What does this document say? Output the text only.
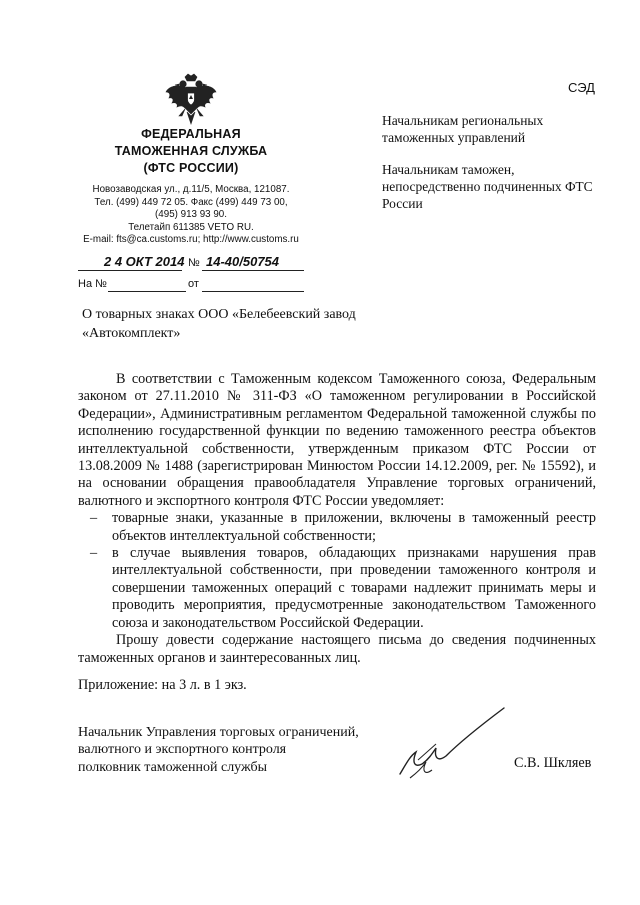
СЭД
ФЕДЕРАЛЬНАЯ
ТАМОЖЕННАЯ СЛУЖБА
(ФТС РОССИИ)
Новозаводская ул., д.11/5, Москва, 121087.
Тел. (499) 449 72 05. Факс (499) 449 73 00,
(495) 913 93 90.
Телетайп 611385 VETO RU.
E-mail: fts@ca.customs.ru; http://www.customs.ru
2 4 ОКТ 2014 № 14-40/50754
На №	от

Начальникам региональных таможенных управлений

Начальникам таможен, непосредственно подчиненных ФТС России

О товарных знаках ООО «Белебеевский завод «Автокомплект»

В соответствии с Таможенным кодексом Таможенного союза, Федеральным законом от 27.11.2010 № 311-ФЗ «О таможенном регулировании в Российской Федерации», Административным регламентом Федеральной таможенной службы по исполнению государственной функции по ведению таможенного реестра объектов интеллектуальной собственности, утвержденным приказом ФТС России от 13.08.2009 № 1488 (зарегистрирован Минюстом России 14.12.2009, рег. № 15592), и на основании обращения правообладателя Управление торговых ограничений, валютного и экспортного контроля ФТС России уведомляет:

– товарные знаки, указанные в приложении, включены в таможенный реестр объектов интеллектуальной собственности;

– в случае выявления товаров, обладающих признаками нарушения прав интеллектуальной собственности, при проведении таможенного контроля и совершении таможенных операций с товарами надлежит принимать меры и проводить мероприятия, предусмотренные законодательством Таможенного союза и законодательством Российской Федерации.

Прошу довести содержание настоящего письма до сведения подчиненных таможенных органов и заинтересованных лиц.

Приложение: на 3 л. в 1 экз.
Начальник Управления торговых ограничений,
валютного и экспортного контроля
полковник таможенной службы	С.В. Шкляев
